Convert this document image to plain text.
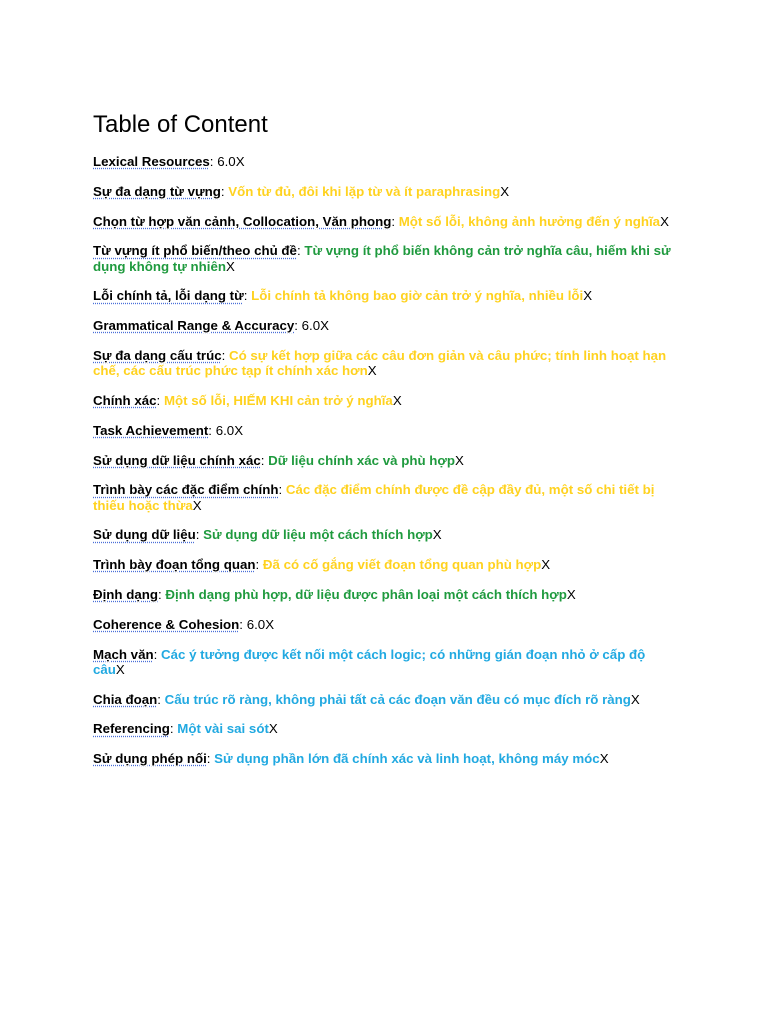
Table of Content

Lexical Resources: 6.0X

Sự đa dạng từ vựng: Vốn từ đủ, đôi khi lặp từ và ít paraphrasingX

Chọn từ hợp văn cảnh, Collocation, Văn phong: Một số lỗi, không ảnh hưởng đến ý nghĩaX

Từ vựng ít phổ biến/theo chủ đề: Từ vựng ít phổ biến không cản trở nghĩa câu, hiếm khi sử dụng không tự nhiênX

Lỗi chính tả, lỗi dạng từ: Lỗi chính tả không bao giờ cản trở ý nghĩa, nhiều lỗiX

Grammatical Range & Accuracy: 6.0X

Sự đa dạng cấu trúc: Có sự kết hợp giữa các câu đơn giản và câu phức; tính linh hoạt hạn chế, các cấu trúc phức tạp ít chính xác hơnX

Chính xác: Một số lỗi, HIẾM KHI cản trở ý nghĩaX

Task Achievement: 6.0X

Sử dụng dữ liệu chính xác: Dữ liệu chính xác và phù hợpX

Trình bày các đặc điểm chính: Các đặc điểm chính được đề cập đầy đủ, một số chi tiết bị thiếu hoặc thừaX

Sử dụng dữ liệu: Sử dụng dữ liệu một cách thích hợpX

Trình bày đoạn tổng quan: Đã có cố gắng viết đoạn tổng quan phù hợpX

Định dạng: Định dạng phù hợp, dữ liệu được phân loại một cách thích hợpX

Coherence & Cohesion: 6.0X

Mạch văn: Các ý tưởng được kết nối một cách logic; có những gián đoạn nhỏ ở cấp độ câuX

Chia đoạn: Cấu trúc rõ ràng, không phải tất cả các đoạn văn đều có mục đích rõ ràngX

Referencing: Một vài sai sótX

Sử dụng phép nối: Sử dụng phần lớn đã chính xác và linh hoạt, không máy mócX
